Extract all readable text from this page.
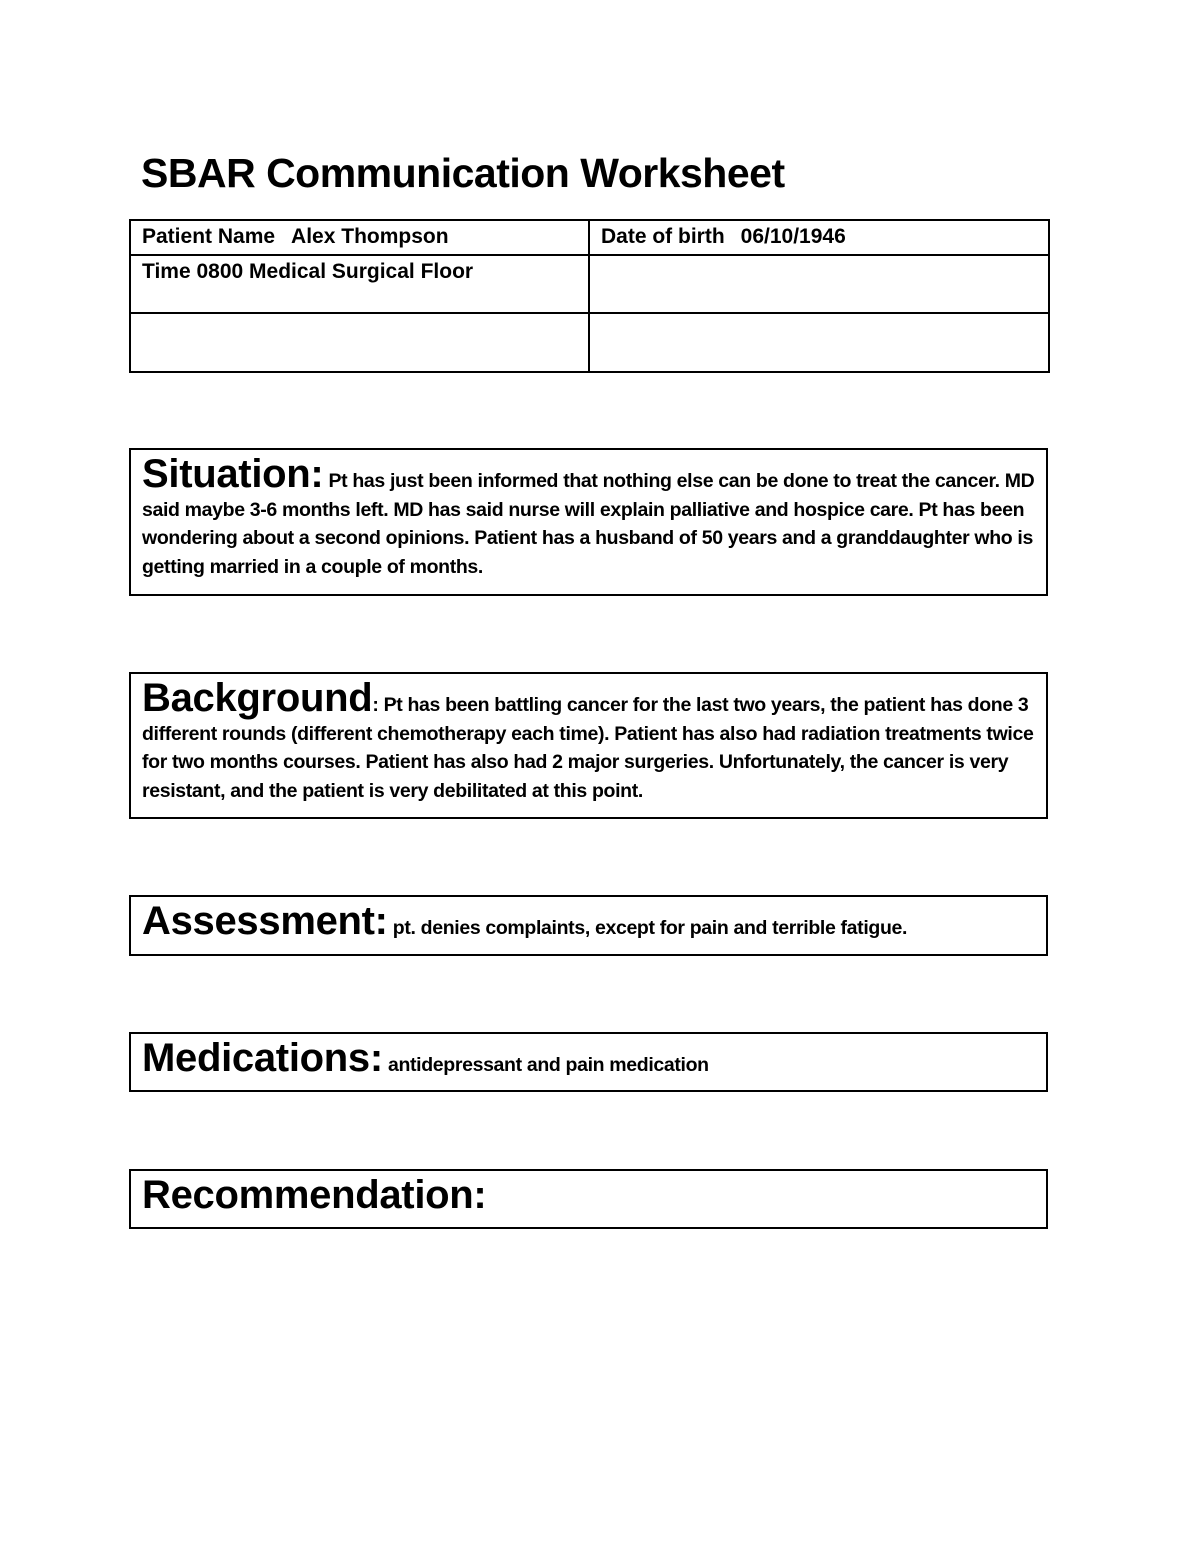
SBAR Communication Worksheet
Patient Name Alex Thompson	Date of birth 06/10/1946
Time 0800 Medical Surgical Floor	

Situation: Pt has just been informed that nothing else can be done to treat the cancer. MD said maybe 3-6 months left. MD has said nurse will explain palliative and hospice care. Pt has been wondering about a second opinions. Patient has a husband of 50 years and a granddaughter who is getting married in a couple of months.
Background: Pt has been battling cancer for the last two years, the patient has done 3 different rounds (different chemotherapy each time). Patient has also had radiation treatments twice for two months courses. Patient has also had 2 major surgeries. Unfortunately, the cancer is very resistant, and the patient is very debilitated at this point.
Assessment: pt. denies complaints, except for pain and terrible fatigue.
Medications: antidepressant and pain medication
Recommendation:
